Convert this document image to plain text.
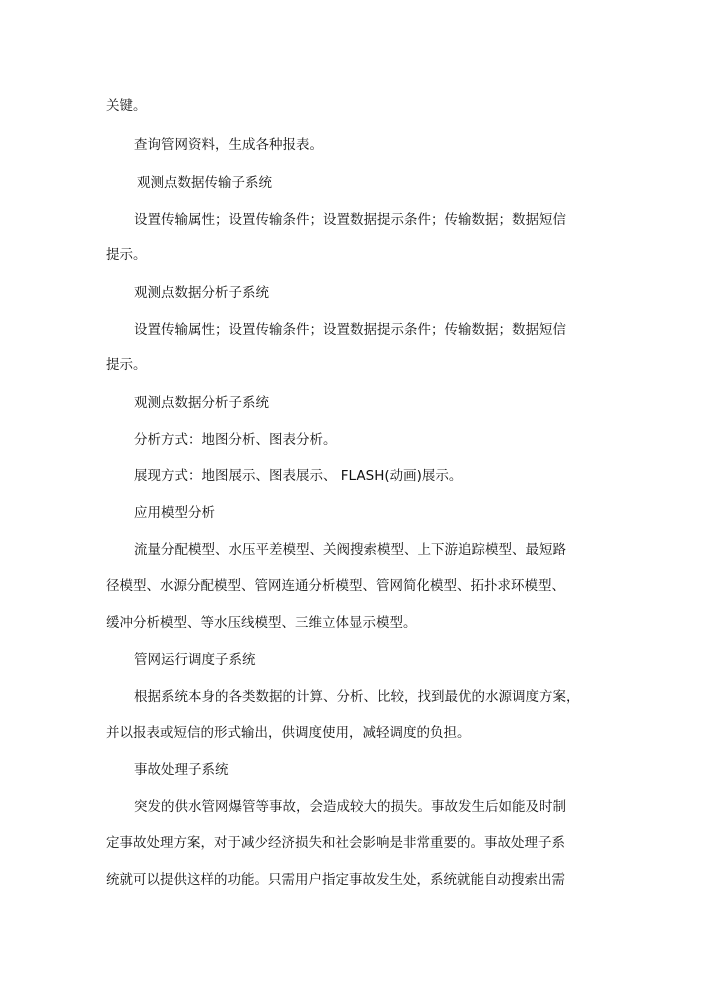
关键。
查询管网资料，生成各种报表。
观测点数据传输子系统
设置传输属性；设置传输条件；设置数据提示条件；传输数据；数据短信
提示。
观测点数据分析子系统
设置传输属性；设置传输条件；设置数据提示条件；传输数据；数据短信
提示。
观测点数据分析子系统
分析方式：地图分析、图表分析。
展现方式：地图展示、图表展示、 FLASH(动画)展示。
应用模型分析
流量分配模型、水压平差模型、关阀搜索模型、上下游追踪模型、最短路
径模型、水源分配模型、管网连通分析模型、管网简化模型、拓扑求环模型、
缓冲分析模型、等水压线模型、三维立体显示模型。
管网运行调度子系统
根据系统本身的各类数据的计算、分析、比较，找到最优的水源调度方案，
并以报表或短信的形式输出，供调度使用，减轻调度的负担。
事故处理子系统
突发的供水管网爆管等事故，会造成较大的损失。事故发生后如能及时制
定事故处理方案，对于减少经济损失和社会影响是非常重要的。事故处理子系
统就可以提供这样的功能。只需用户指定事故发生处，系统就能自动搜索出需
